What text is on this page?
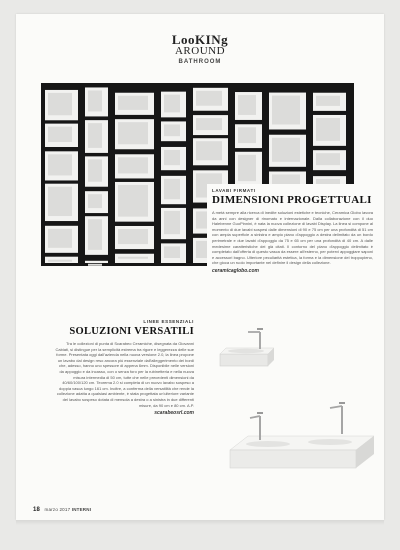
LooKINg
AROUND
BATHROOM
LAVABI FIRMATI
DIMENSIONI PROGETTUALI
A metà sempre alla ricerca di inedite soluzioni estetiche e tecniche, Ceramica Globo lavora da anni con designer di rinomato e internazionale. Dalla collaborazione con il duo Halebenne GuoPinnini, è nata la nuova collezione di lavabi Display. La linea si compone al momento di due lavabi sospesi dalle dimensioni di 90 e 75 cm per una profondità di 51 cm con ampia superficie a sinistra e ampio piano d'appoggio a destra delimitato da un bordo perimetrale e due lavabi d'appoggio da 75 e 65 cm per una profondità di 40 cm. A dalle medesime caratteristiche dei già citati. Il contorno del piano d'appoggio delimitato è completato dall'offerta di questo vasca da essere all'esterno, per potervi appoggiare saponi e accessori bagno. Ulteriore peculiarità estetica, la forma e la dimensione del troppopieno, che gioca un ruolo importante nel definire il design della collezione.
ceramicaglobo.com
LINEE ESSENZIALI
SOLUZIONI VERSATILI
Tra le collezioni di punta di Scarabeo Ceramiche, disegnata da Giovanni Cabiati, si distingue per la semplicità estrema tra rigore e leggerezza delle sue forme. Presentata oggi dall'azienda nella nuova versione 2.0, la linea propone un lavabo dal design reso ancora più essenziale dall'alleggerimento dei bordi che, adesso, hanno uno spessore di appena 6mm. Disponibile nelle versioni da appoggio e da incasso, con o senza foro per la rubinetteria e nella nuova misura intermedia di 50 cm, tutte che nelle precedenti dimensioni da 40/60/100/120 cm. Teorema 2.0 si completa di un nuovo lavabo sospeso a doppia vasca lungo 161 cm. Inoltre, a conferma della versatilità che rende la collezione adatta a qualsiasi ambiente, è stata progettata un'ulteriore variante del lavabo sospeso dotata di mensola a destra o a sinistra in due differenti misure, da 90 cm e 80 cm. A.P.
scarabeosrl.com
18 marzo 2017 INTERNI
